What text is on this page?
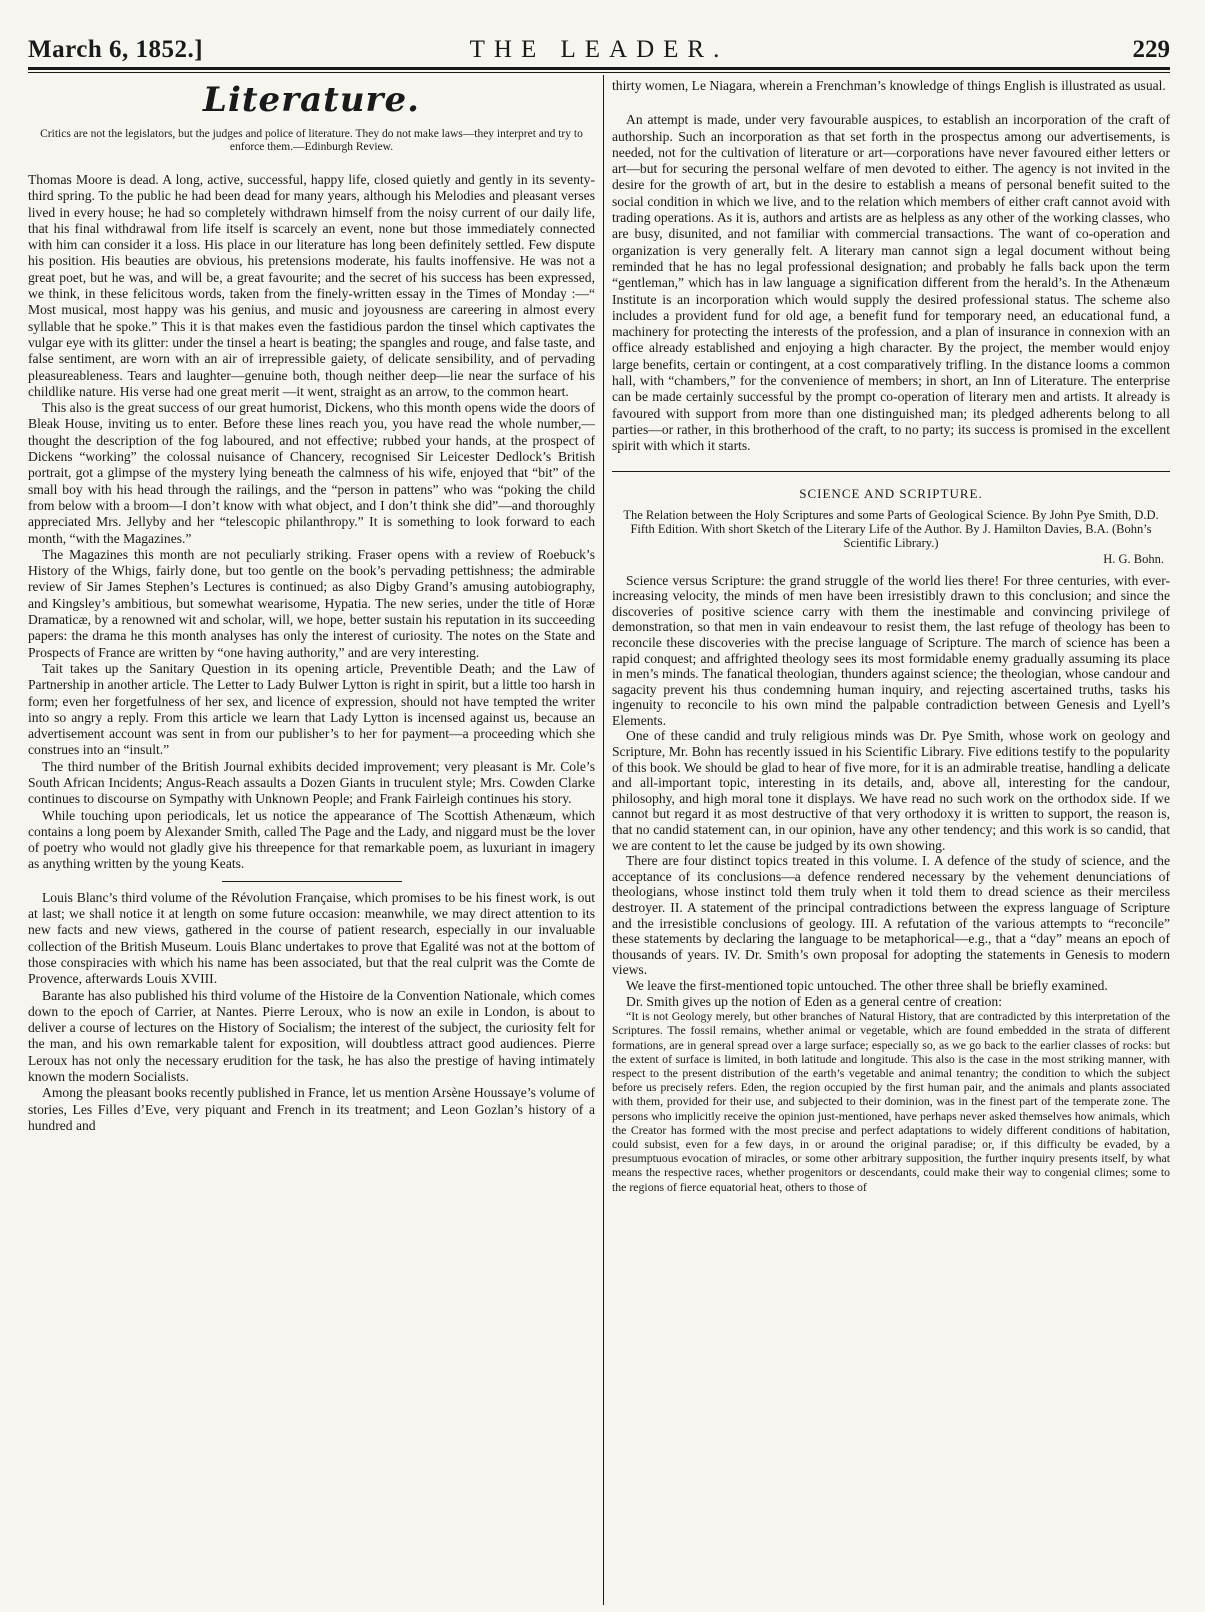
March 6, 1852.]	THE LEADER.	229
Literature.

Critics are not the legislators, but the judges and police of literature. They do not make laws—they interpret and try to enforce them.—Edinburgh Review.

Thomas Moore is dead. A long, active, successful, happy life, closed quietly and gently in its seventy-third spring. To the public he had been dead for many years, although his Melodies and pleasant verses lived in every house; he had so completely withdrawn himself from the noisy current of our daily life, that his final withdrawal from life itself is scarcely an event, none but those immediately connected with him can consider it a loss. His place in our literature has long been definitely settled. Few dispute his position. His beauties are obvious, his pretensions moderate, his faults inoffensive. He was not a great poet, but he was, and will be, a great favourite; and the secret of his success has been expressed, we think, in these felicitous words, taken from the finely-written essay in the Times of Monday :—“ Most musical, most happy was his genius, and music and joyousness are careering in almost every syllable that he spoke.” This it is that makes even the fastidious pardon the tinsel which captivates the vulgar eye with its glitter: under the tinsel a heart is beating; the spangles and rouge, and false taste, and false sentiment, are worn with an air of irrepressible gaiety, of delicate sensibility, and of pervading pleasureableness. Tears and laughter—genuine both, though neither deep—lie near the surface of his childlike nature. His verse had one great merit —it went, straight as an arrow, to the common heart.

This also is the great success of our great humorist, Dickens, who this month opens wide the doors of Bleak House, inviting us to enter. Before these lines reach you, you have read the whole number,—thought the description of the fog laboured, and not effective; rubbed your hands, at the prospect of Dickens “working” the colossal nuisance of Chancery, recognised Sir Leicester Dedlock’s British portrait, got a glimpse of the mystery lying beneath the calmness of his wife, enjoyed that “bit” of the small boy with his head through the railings, and the “person in pattens” who was “poking the child from below with a broom—I don’t know with what object, and I don’t think she did”—and thoroughly appreciated Mrs. Jellyby and her “telescopic philanthropy.” It is something to look forward to each month, “with the Magazines.”

The Magazines this month are not peculiarly striking. Fraser opens with a review of Roebuck’s History of the Whigs, fairly done, but too gentle on the book’s pervading pettishness; the admirable review of Sir James Stephen’s Lectures is continued; as also Digby Grand’s amusing autobiography, and Kingsley’s ambitious, but somewhat wearisome, Hypatia. The new series, under the title of Horæ Dramaticæ, by a renowned wit and scholar, will, we hope, better sustain his reputation in its succeeding papers: the drama he this month analyses has only the interest of curiosity. The notes on the State and Prospects of France are written by “one having authority,” and are very interesting.

Tait takes up the Sanitary Question in its opening article, Preventible Death; and the Law of Partnership in another article. The Letter to Lady Bulwer Lytton is right in spirit, but a little too harsh in form; even her forgetfulness of her sex, and licence of expression, should not have tempted the writer into so angry a reply. From this article we learn that Lady Lytton is incensed against us, because an advertisement account was sent in from our publisher’s to her for payment—a proceeding which she construes into an “insult.”

The third number of the British Journal exhibits decided improvement; very pleasant is Mr. Cole’s South African Incidents; Angus-Reach assaults a Dozen Giants in truculent style; Mrs. Cowden Clarke continues to discourse on Sympathy with Unknown People; and Frank Fairleigh continues his story.

While touching upon periodicals, let us notice the appearance of The Scottish Athenæum, which contains a long poem by Alexander Smith, called The Page and the Lady, and niggard must be the lover of poetry who would not gladly give his threepence for that remarkable poem, as luxuriant in imagery as anything written by the young Keats.

Louis Blanc’s third volume of the Révolution Française, which promises to be his finest work, is out at last; we shall notice it at length on some future occasion: meanwhile, we may direct attention to its new facts and new views, gathered in the course of patient research, especially in our invaluable collection of the British Museum. Louis Blanc undertakes to prove that Egalité was not at the bottom of those conspiracies with which his name has been associated, but that the real culprit was the Comte de Provence, afterwards Louis XVIII.

Barante has also published his third volume of the Histoire de la Convention Nationale, which comes down to the epoch of Carrier, at Nantes. Pierre Leroux, who is now an exile in London, is about to deliver a course of lectures on the History of Socialism; the interest of the subject, the curiosity felt for the man, and his own remarkable talent for exposition, will doubtless attract good audiences. Pierre Leroux has not only the necessary erudition for the task, he has also the prestige of having intimately known the modern Socialists.

Among the pleasant books recently published in France, let us mention Arsène Houssaye’s volume of stories, Les Filles d’Eve, very piquant and French in its treatment; and Leon Gozlan’s history of a hundred and

thirty women, Le Niagara, wherein a Frenchman’s knowledge of things English is illustrated as usual.

An attempt is made, under very favourable auspices, to establish an incorporation of the craft of authorship. Such an incorporation as that set forth in the prospectus among our advertisements, is needed, not for the cultivation of literature or art—corporations have never favoured either letters or art—but for securing the personal welfare of men devoted to either. The agency is not invited in the desire for the growth of art, but in the desire to establish a means of personal benefit suited to the social condition in which we live, and to the relation which members of either craft cannot avoid with trading operations. As it is, authors and artists are as helpless as any other of the working classes, who are busy, disunited, and not familiar with commercial transactions. The want of co-operation and organization is very generally felt. A literary man cannot sign a legal document without being reminded that he has no legal professional designation; and probably he falls back upon the term “gentleman,” which has in law language a signification different from the herald’s. In the Athenæum Institute is an incorporation which would supply the desired professional status. The scheme also includes a provident fund for old age, a benefit fund for temporary need, an educational fund, a machinery for protecting the interests of the profession, and a plan of insurance in connexion with an office already established and enjoying a high character. By the project, the member would enjoy large benefits, certain or contingent, at a cost comparatively trifling. In the distance looms a common hall, with “chambers,” for the convenience of members; in short, an Inn of Literature. The enterprise can be made certainly successful by the prompt co-operation of literary men and artists. It already is favoured with support from more than one distinguished man; its pledged adherents belong to all parties—or rather, in this brotherhood of the craft, to no party; its success is promised in the excellent spirit with which it starts.

SCIENCE AND SCRIPTURE.

The Relation between the Holy Scriptures and some Parts of Geological Science. By John Pye Smith, D.D. Fifth Edition. With short Sketch of the Literary Life of the Author. By J. Hamilton Davies, B.A. (Bohn’s Scientific Library.)

H. G. Bohn.

Science versus Scripture: the grand struggle of the world lies there! For three centuries, with ever-increasing velocity, the minds of men have been irresistibly drawn to this conclusion; and since the discoveries of positive science carry with them the inestimable and convincing privilege of demonstration, so that men in vain endeavour to resist them, the last refuge of theology has been to reconcile these discoveries with the precise language of Scripture. The march of science has been a rapid conquest; and affrighted theology sees its most formidable enemy gradually assuming its place in men’s minds. The fanatical theologian, thunders against science; the theologian, whose candour and sagacity prevent his thus condemning human inquiry, and rejecting ascertained truths, tasks his ingenuity to reconcile to his own mind the palpable contradiction between Genesis and Lyell’s Elements.

One of these candid and truly religious minds was Dr. Pye Smith, whose work on geology and Scripture, Mr. Bohn has recently issued in his Scientific Library. Five editions testify to the popularity of this book. We should be glad to hear of five more, for it is an admirable treatise, handling a delicate and all-important topic, interesting in its details, and, above all, interesting for the candour, philosophy, and high moral tone it displays. We have read no such work on the orthodox side. If we cannot but regard it as most destructive of that very orthodoxy it is written to support, the reason is, that no candid statement can, in our opinion, have any other tendency; and this work is so candid, that we are content to let the cause be judged by its own showing.

There are four distinct topics treated in this volume. I. A defence of the study of science, and the acceptance of its conclusions—a defence rendered necessary by the vehement denunciations of theologians, whose instinct told them truly when it told them to dread science as their merciless destroyer. II. A statement of the principal contradictions between the express language of Scripture and the irresistible conclusions of geology. III. A refutation of the various attempts to “reconcile” these statements by declaring the language to be metaphorical—e.g., that a “day” means an epoch of thousands of years. IV. Dr. Smith’s own proposal for adopting the statements in Genesis to modern views.

We leave the first-mentioned topic untouched. The other three shall be briefly examined.

Dr. Smith gives up the notion of Eden as a general centre of creation:

“It is not Geology merely, but other branches of Natural History, that are contradicted by this interpretation of the Scriptures. The fossil remains, whether animal or vegetable, which are found embedded in the strata of different formations, are in general spread over a large surface; especially so, as we go back to the earlier classes of rocks: but the extent of surface is limited, in both latitude and longitude. This also is the case in the most striking manner, with respect to the present distribution of the earth’s vegetable and animal tenantry; the condition to which the subject before us precisely refers. Eden, the region occupied by the first human pair, and the animals and plants associated with them, provided for their use, and subjected to their dominion, was in the finest part of the temperate zone. The persons who implicitly receive the opinion just-mentioned, have perhaps never asked themselves how animals, which the Creator has formed with the most precise and perfect adaptations to widely different conditions of habitation, could subsist, even for a few days, in or around the original paradise; or, if this difficulty be evaded, by a presumptuous evocation of miracles, or some other arbitrary supposition, the further inquiry presents itself, by what means the respective races, whether progenitors or descendants, could make their way to congenial climes; some to the regions of fierce equatorial heat, others to those of
